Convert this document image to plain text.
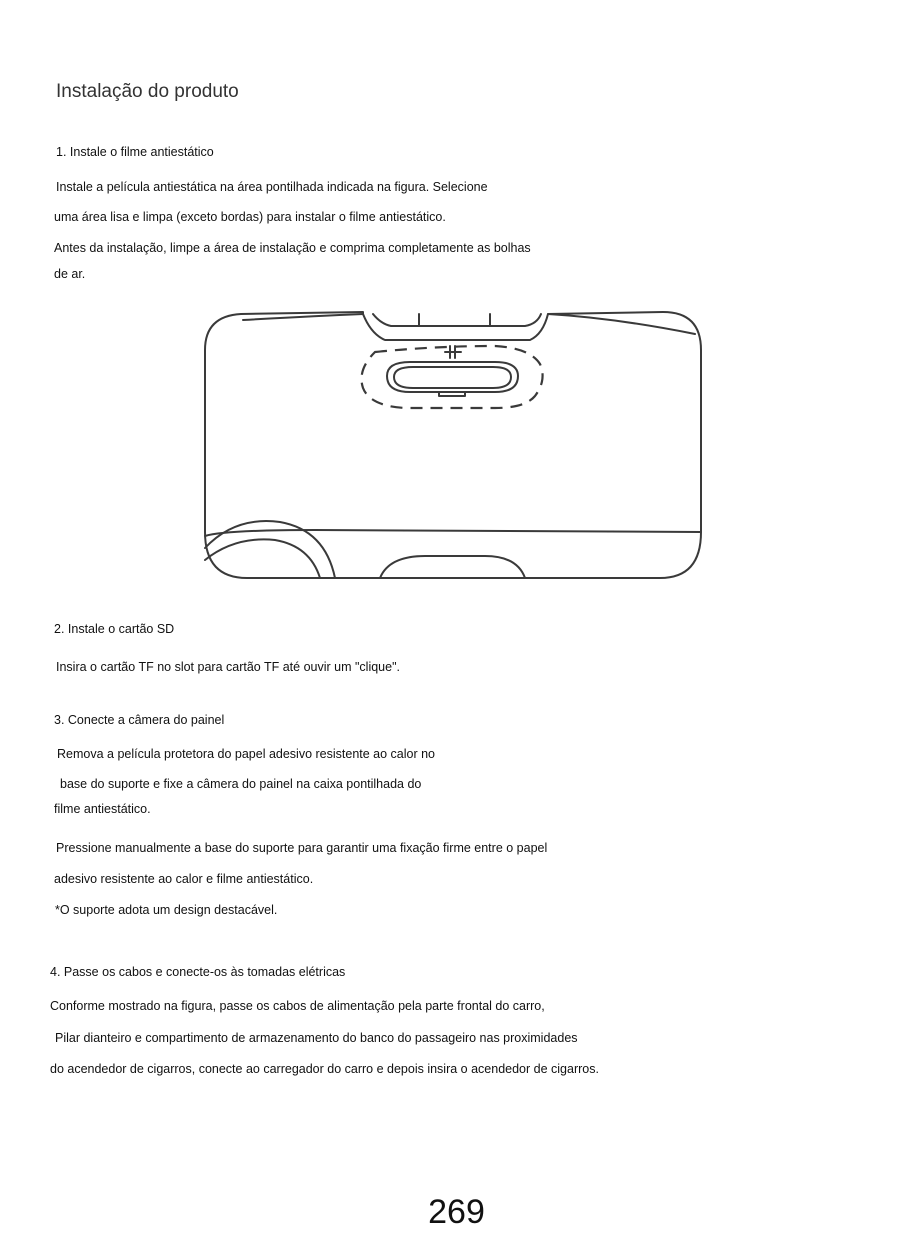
Instalação do produto
1. Instale o filme antiestático
Instale a película antiestática na área pontilhada indicada na figura. Selecione
uma área lisa e limpa (exceto bordas) para instalar o filme antiestático.
Antes da instalação, limpe a área de instalação e comprima completamente as bolhas
de ar.
2. Instale o cartão SD
Insira o cartão TF no slot para cartão TF até ouvir um "clique".
3. Conecte a câmera do painel
Remova a película protetora do papel adesivo resistente ao calor no
base do suporte e fixe a câmera do painel na caixa pontilhada do
filme antiestático.
Pressione manualmente a base do suporte para garantir uma fixação firme entre o papel
adesivo resistente ao calor e filme antiestático.
*O suporte adota um design destacável.
4. Passe os cabos e conecte-os às tomadas elétricas
Conforme mostrado na figura, passe os cabos de alimentação pela parte frontal do carro,
Pilar dianteiro e compartimento de armazenamento do banco do passageiro nas proximidades
do acendedor de cigarros, conecte ao carregador do carro e depois insira o acendedor de cigarros.
269
